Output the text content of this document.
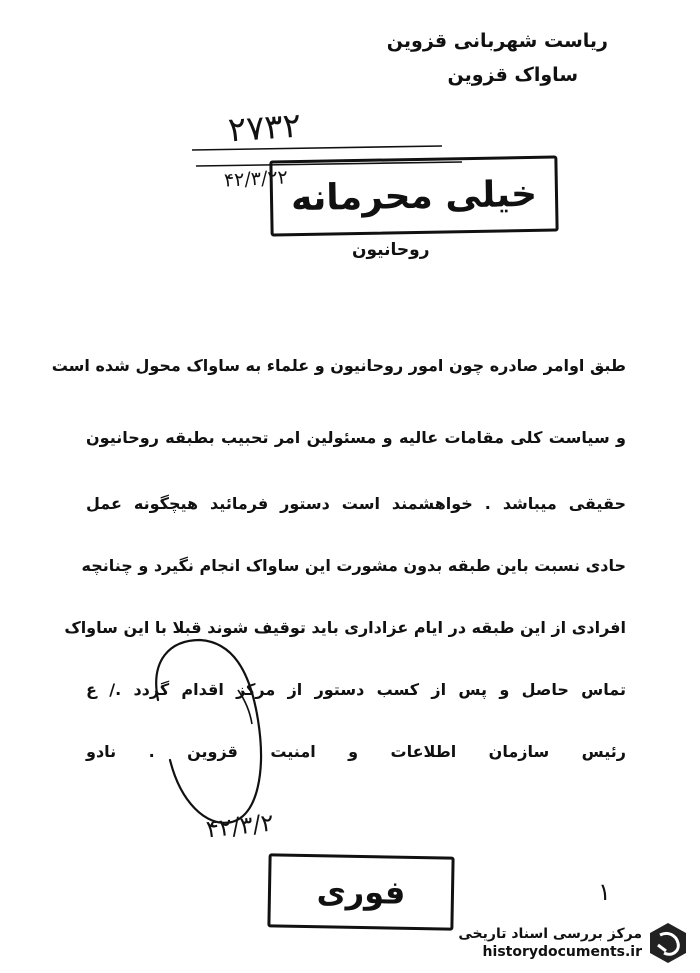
ریاست شهربانی قزوین
ساواک قزوین
۲۷۳۲
خیلی محرمانه
۴۲/۳/۲۲
روحانیون
طبق اوامر صادره چون امور روحانیون و علماء به ساواک محول شده است
و سیاست کلی مقامات عالیه و مسئولین امر تحبیب بطبقه روحانیون
حقیقی میباشد . خواهشمند است دستور فرمائید هیچگونه عمل
حادی نسبت باین طبقه بدون مشورت این ساواک انجام نگیرد و چنانچه
افرادی از این طبقه در ایام عزاداری باید توقیف شوند قبلا با این ساواک
تماس حاصل و پس از کسب دستور از مرکز اقدام گردد ./ ع
رئیس سازمان اطلاعات و امنیت قزوین . نادو
۴۲/۳/۲
فوری	۱
مرکز بررسی اسناد تاریخی
historydocuments.ir
